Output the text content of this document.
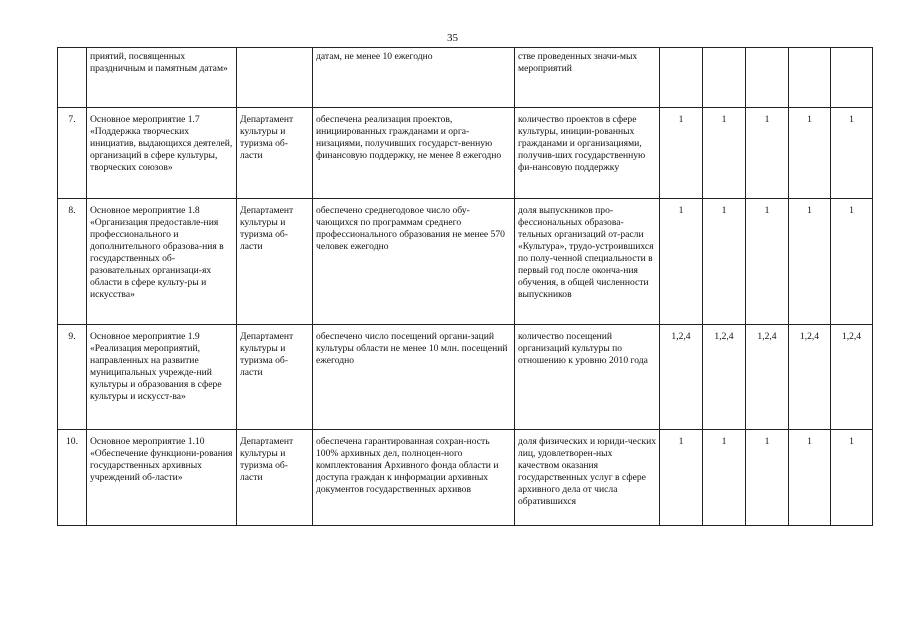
35
	приятий, посвященных праздничным и памятным датам»		датам, не менее 10 ежегодно	стве проведенных значи-мых мероприятий					
7.	Основное мероприятие 1.7 «Поддержка творческих инициатив, выдающихся деятелей, организаций в сфере культуры, творческих союзов»	Департамент культуры и туризма об-ласти	обеспечена реализация проектов, инициированных гражданами и орга-низациями, получивших государст-венную финансовую поддержку, не менее 8 ежегодно	количество проектов в сфере культуры, иниции-рованных гражданами и организациями, получив-ших государственную фи-нансовую поддержку	1	1	1	1	1
8.	Основное мероприятие 1.8 «Организация предоставле-ния профессионального и дополнительного образова-ния в государственных об-разовательных организаци-ях области в сфере культу-ры и искусства»	Департамент культуры и туризма об-ласти	обеспечено среднегодовое число обу-чающихся по программам среднего профессионального образования не менее 570 человек ежегодно	доля выпускников про-фессиональных образова-тельных организаций от-расли «Культура», трудо-устроившихся по полу-ченной специальности в первый год после оконча-ния обучения, в общей численности выпускников	1	1	1	1	1
9.	Основное мероприятие 1.9 «Реализация мероприятий, направленных на развитие муниципальных учрежде-ний культуры и образования в сфере культуры и искусст-ва»	Департамент культуры и туризма об-ласти	обеспечено число посещений органи-заций культуры области не менее 10 млн. посещений ежегодно	количество посещений организаций культуры по отношению к уровню 2010 года	1,2,4	1,2,4	1,2,4	1,2,4	1,2,4
10.	Основное мероприятие 1.10 «Обеспечение функциони-рования государственных архивных учреждений об-ласти»	Департамент культуры и туризма об-ласти	обеспечена гарантированная сохран-ность 100% архивных дел, полноцен-ного комплектования Архивного фонда области и доступа граждан к информации архивных документов государственных архивов	доля физических и юриди-ческих лиц, удовлетворен-ных качеством оказания государственных услуг в сфере архивного дела от числа обратившихся	1	1	1	1	1
